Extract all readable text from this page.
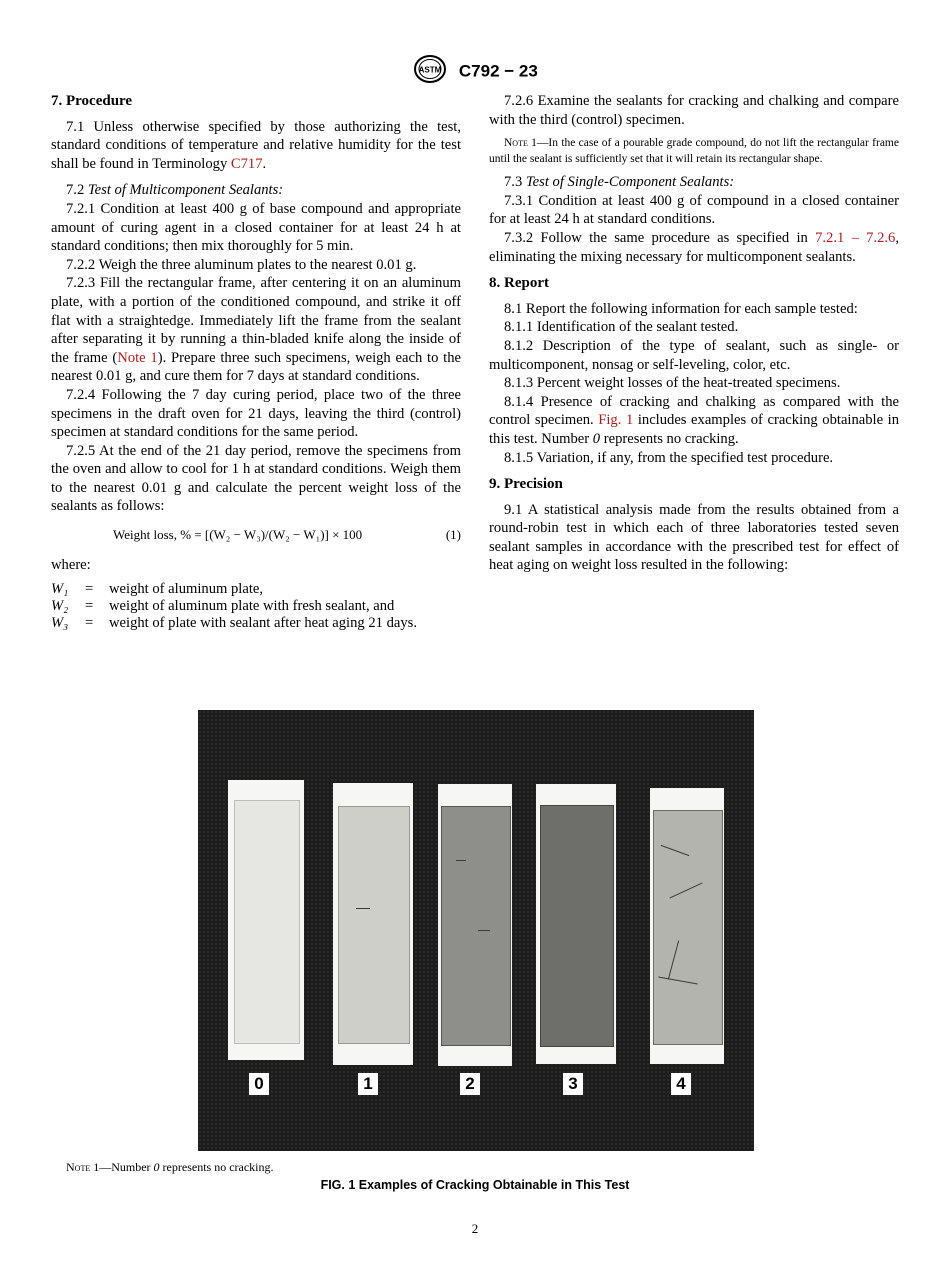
ASTM C792 − 23
7. Procedure

7.1 Unless otherwise specified by those authorizing the test, standard conditions of temperature and relative humidity for the test shall be found in Terminology C717.

7.2 Test of Multicomponent Sealants:

7.2.1 Condition at least 400 g of base compound and appropriate amount of curing agent in a closed container for at least 24 h at standard conditions; then mix thoroughly for 5 min.

7.2.2 Weigh the three aluminum plates to the nearest 0.01 g.

7.2.3 Fill the rectangular frame, after centering it on an aluminum plate, with a portion of the conditioned compound, and strike it off flat with a straightedge. Immediately lift the frame from the sealant after separating it by running a thin-bladed knife along the inside of the frame (Note 1). Prepare three such specimens, weigh each to the nearest 0.01 g, and cure them for 7 days at standard conditions.

7.2.4 Following the 7 day curing period, place two of the three specimens in the draft oven for 21 days, leaving the third (control) specimen at standard conditions for the same period.

7.2.5 At the end of the 21 day period, remove the specimens from the oven and allow to cool for 1 h at standard conditions. Weigh them to the nearest 0.01 g and calculate the percent weight loss of the sealants as follows:

Weight loss, % = [(W₂ − W₃)/(W₂ − W₁)] × 100	(1)

where:

W₁	=	weight of aluminum plate,
W₂	=	weight of aluminum plate with fresh sealant, and
W₃	=	weight of plate with sealant after heat aging 21 days.

7.2.6 Examine the sealants for cracking and chalking and compare with the third (control) specimen.

Note 1—In the case of a pourable grade compound, do not lift the rectangular frame until the sealant is sufficiently set that it will retain its rectangular shape.

7.3 Test of Single-Component Sealants:

7.3.1 Condition at least 400 g of compound in a closed container for at least 24 h at standard conditions.

7.3.2 Follow the same procedure as specified in 7.2.1 – 7.2.6, eliminating the mixing necessary for multicomponent sealants.

8. Report

8.1 Report the following information for each sample tested:

8.1.1 Identification of the sealant tested.

8.1.2 Description of the type of sealant, such as single- or multicomponent, nonsag or self-leveling, color, etc.

8.1.3 Percent weight losses of the heat-treated specimens.

8.1.4 Presence of cracking and chalking as compared with the control specimen. Fig. 1 includes examples of cracking obtainable in this test. Number 0 represents no cracking.

8.1.5 Variation, if any, from the specified test procedure.

9. Precision

9.1 A statistical analysis made from the results obtained from a round-robin test in which each of three laboratories tested seven sealant samples in accordance with the prescribed test for effect of heat aging on weight loss resulted in the following:

0	1	2	3	4
Note 1—Number 0 represents no cracking.
FIG. 1 Examples of Cracking Obtainable in This Test
2
